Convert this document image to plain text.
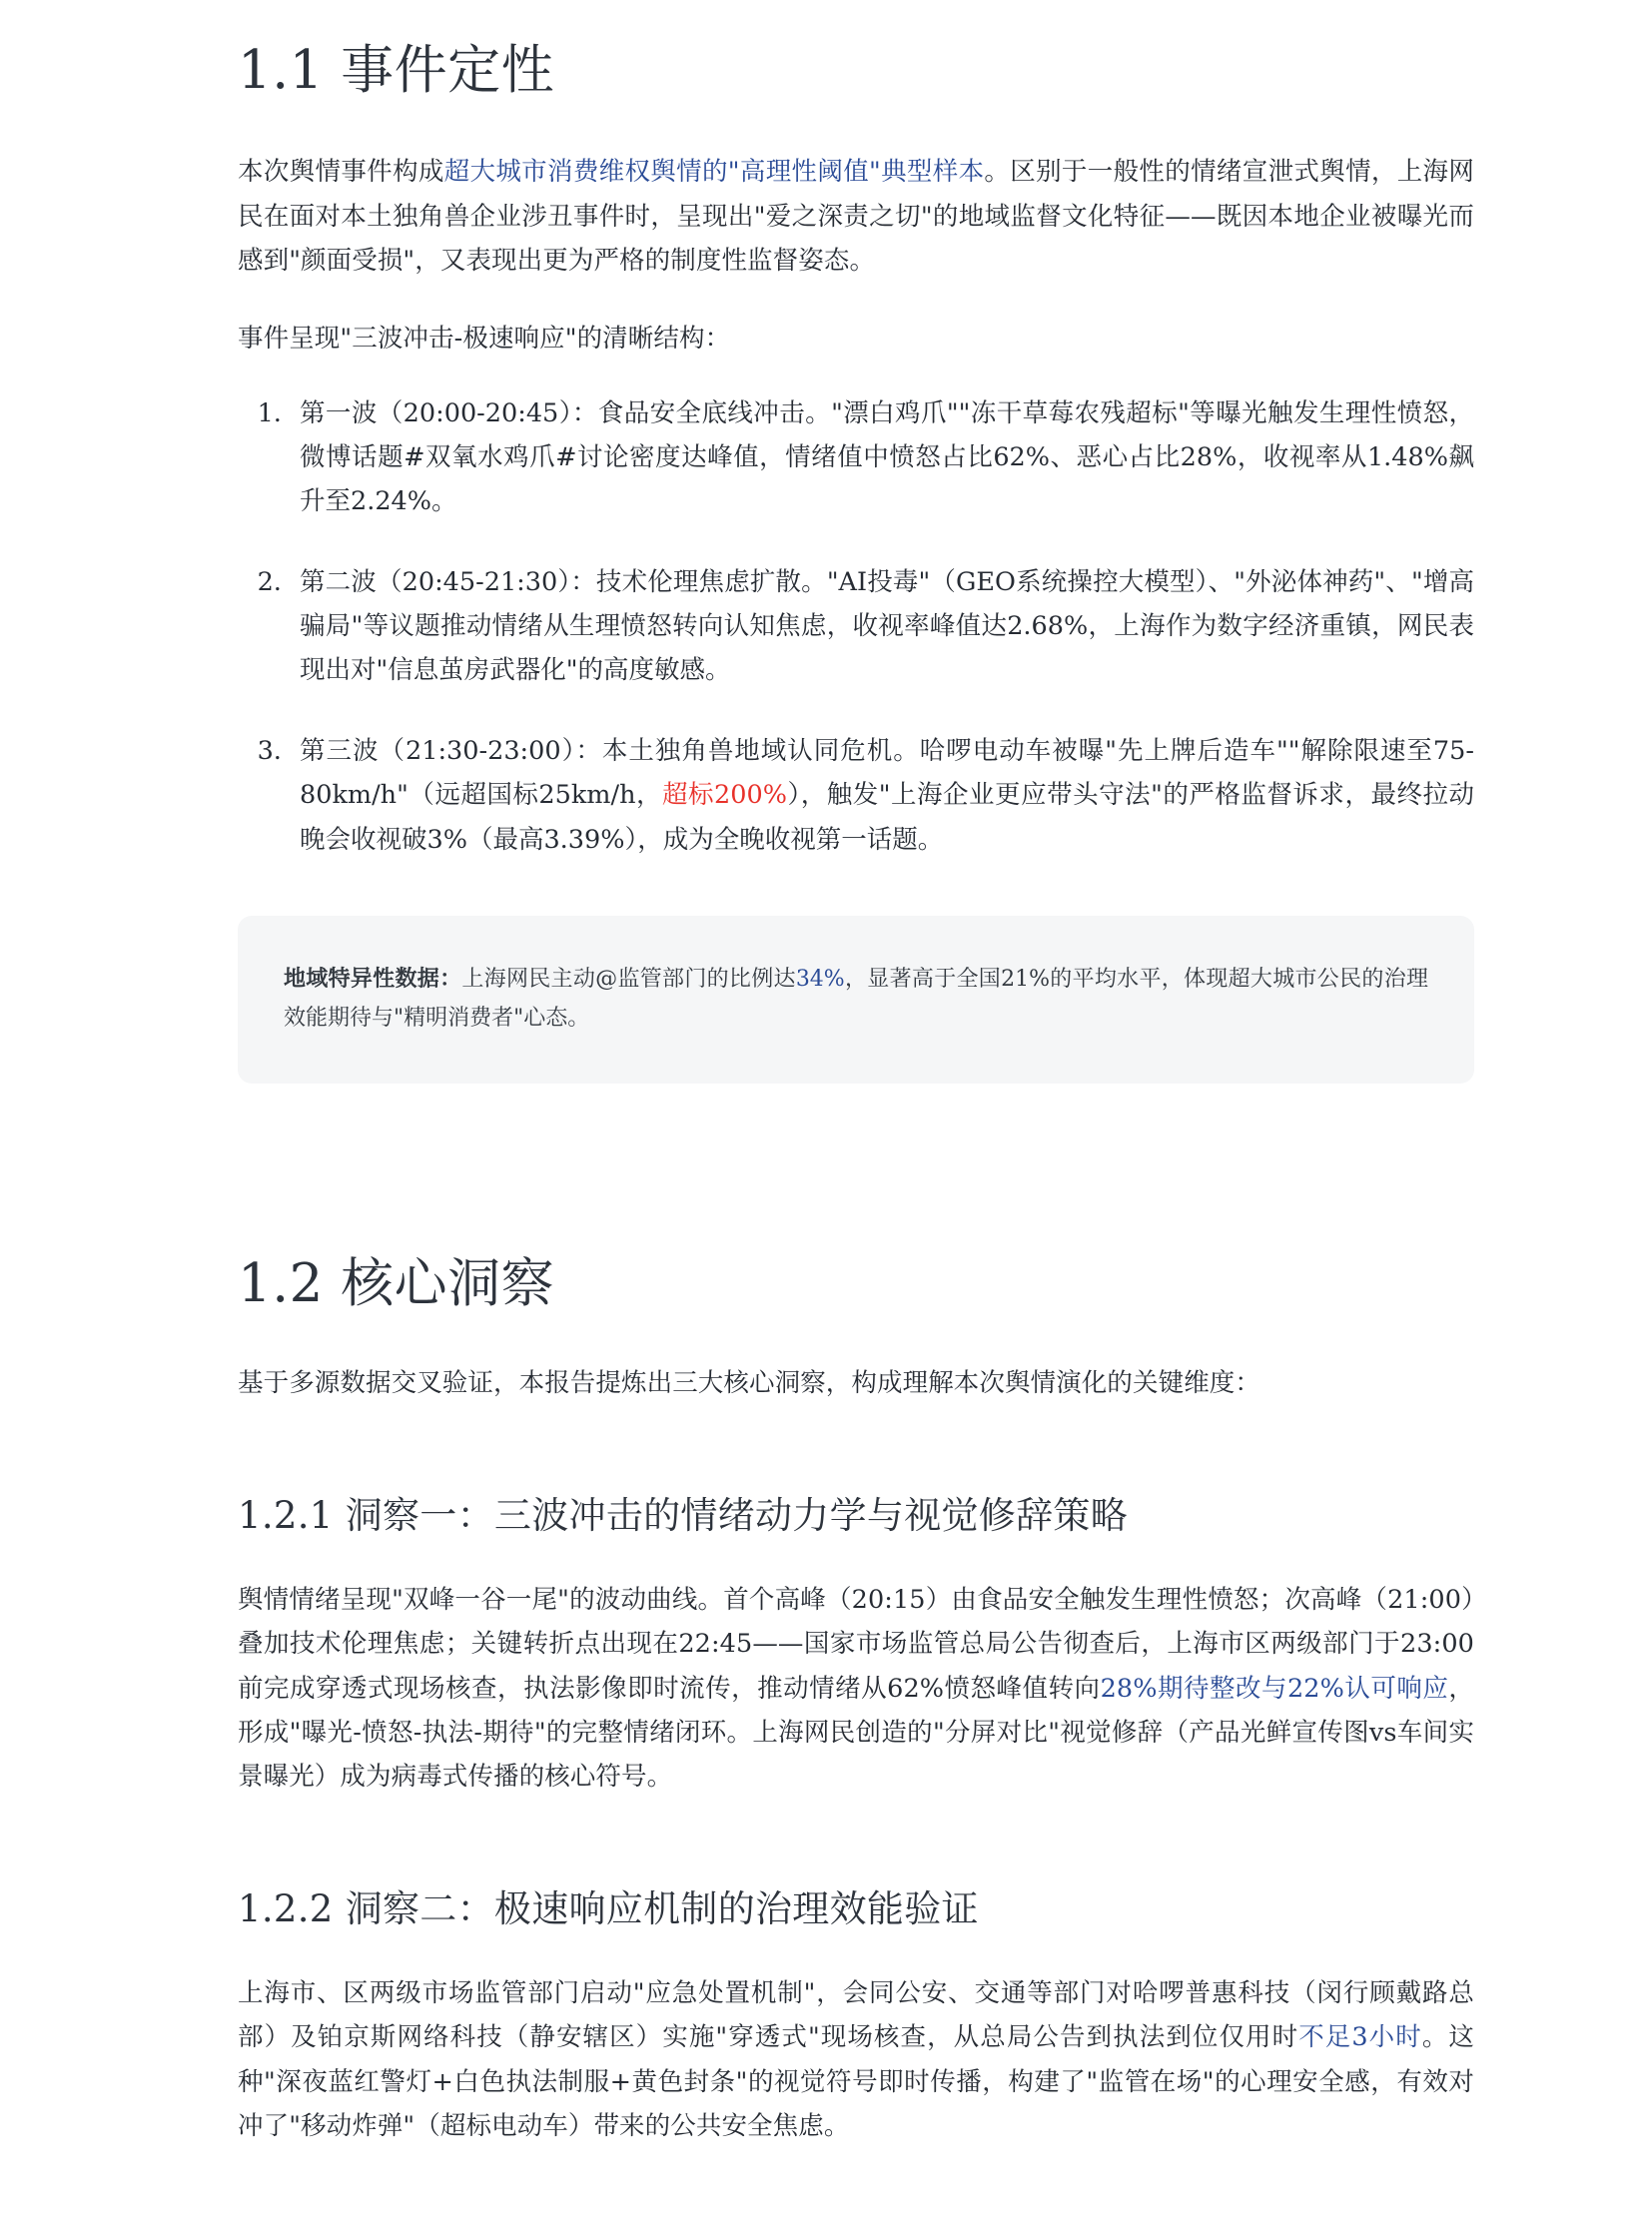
1.1 事件定性

本次舆情事件构成超大城市消费维权舆情的"高理性阈值"典型样本。区别于一般性的情绪宣泄式舆情，上海网民在面对本土独角兽企业涉丑事件时，呈现出"爱之深责之切"的地域监督文化特征——既因本地企业被曝光而感到"颜面受损"，又表现出更为严格的制度性监督姿态。

事件呈现"三波冲击-极速响应"的清晰结构：

1. 第一波（20:00-20:45）：食品安全底线冲击。"漂白鸡爪""冻干草莓农残超标"等曝光触发生理性愤怒，微博话题#双氧水鸡爪#讨论密度达峰值，情绪值中愤怒占比62%、恶心占比28%，收视率从1.48%飙升至2.24%。
2. 第二波（20:45-21:30）：技术伦理焦虑扩散。"AI投毒"（GEO系统操控大模型）、"外泌体神药"、"增高骗局"等议题推动情绪从生理愤怒转向认知焦虑，收视率峰值达2.68%，上海作为数字经济重镇，网民表现出对"信息茧房武器化"的高度敏感。
3. 第三波（21:30-23:00）：本土独角兽地域认同危机。哈啰电动车被曝"先上牌后造车""解除限速至75-80km/h"（远超国标25km/h，超标200%），触发"上海企业更应带头守法"的严格监督诉求，最终拉动晚会收视破3%（最高3.39%），成为全晚收视第一话题。

地域特异性数据：上海网民主动@监管部门的比例达34%，显著高于全国21%的平均水平，体现超大城市公民的治理效能期待与"精明消费者"心态。

1.2 核心洞察

基于多源数据交叉验证，本报告提炼出三大核心洞察，构成理解本次舆情演化的关键维度：

1.2.1 洞察一：三波冲击的情绪动力学与视觉修辞策略

舆情情绪呈现"双峰一谷一尾"的波动曲线。首个高峰（20:15）由食品安全触发生理性愤怒；次高峰（21:00）叠加技术伦理焦虑；关键转折点出现在22:45——国家市场监管总局公告彻查后，上海市区两级部门于23:00前完成穿透式现场核查，执法影像即时流传，推动情绪从62%愤怒峰值转向28%期待整改与22%认可响应，形成"曝光-愤怒-执法-期待"的完整情绪闭环。上海网民创造的"分屏对比"视觉修辞（产品光鲜宣传图vs车间实景曝光）成为病毒式传播的核心符号。

1.2.2 洞察二：极速响应机制的治理效能验证

上海市、区两级市场监管部门启动"应急处置机制"，会同公安、交通等部门对哈啰普惠科技（闵行顾戴路总部）及铂京斯网络科技（静安辖区）实施"穿透式"现场核查，从总局公告到执法到位仅用时不足3小时。这种"深夜蓝红警灯+白色执法制服+黄色封条"的视觉符号即时传播，构建了"监管在场"的心理安全感，有效对冲了"移动炸弹"（超标电动车）带来的公共安全焦虑。
